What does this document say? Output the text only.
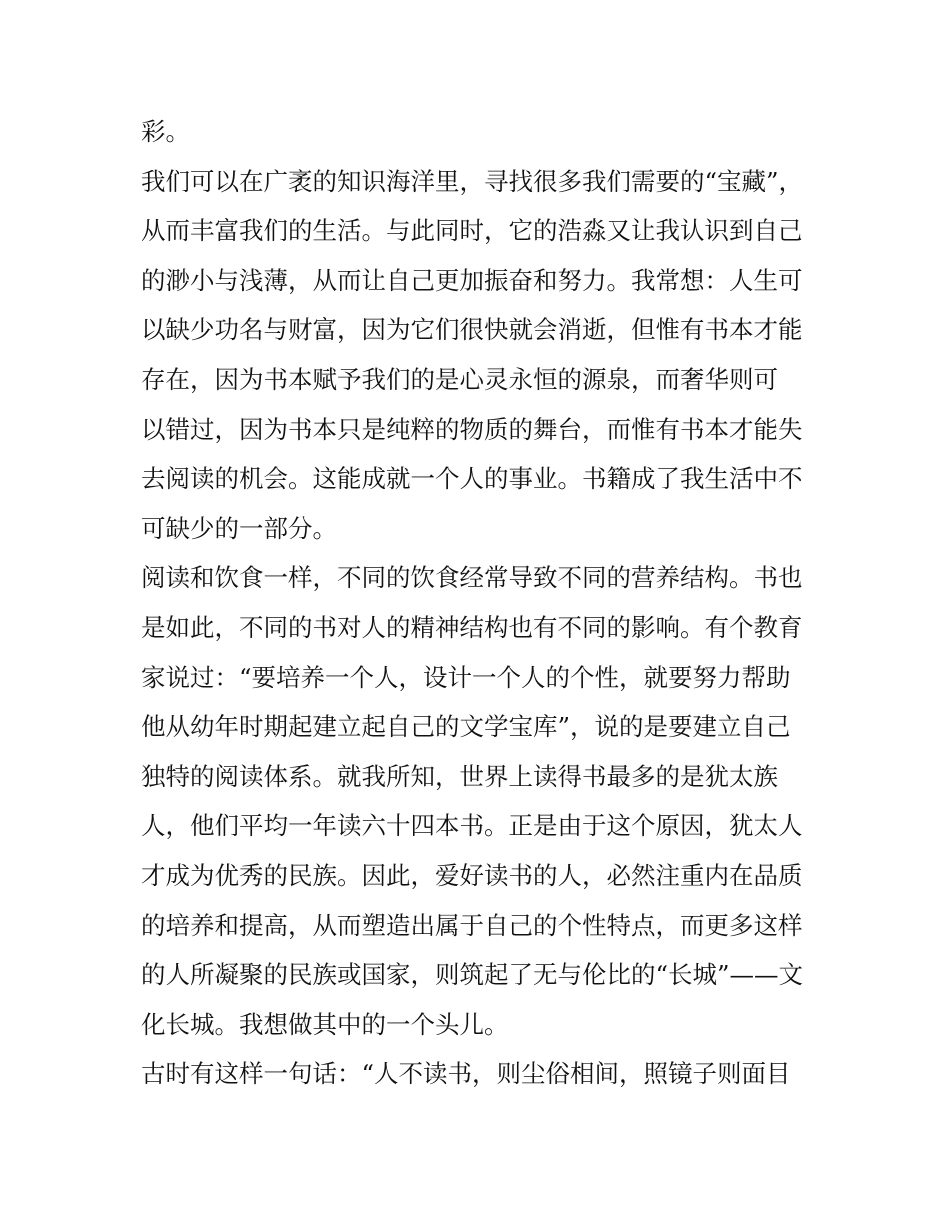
彩。
我们可以在广袤的知识海洋里，寻找很多我们需要的“宝藏”，
从而丰富我们的生活。与此同时，它的浩淼又让我认识到自己
的渺小与浅薄，从而让自己更加振奋和努力。我常想：人生可
以缺少功名与财富，因为它们很快就会消逝，但惟有书本才能
存在，因为书本赋予我们的是心灵永恒的源泉，而奢华则可
以错过，因为书本只是纯粹的物质的舞台，而惟有书本才能失
去阅读的机会。这能成就一个人的事业。书籍成了我生活中不
可缺少的一部分。
阅读和饮食一样，不同的饮食经常导致不同的营养结构。书也
是如此，不同的书对人的精神结构也有不同的影响。有个教育
家说过：“要培养一个人，设计一个人的个性，就要努力帮助
他从幼年时期起建立起自己的文学宝库”，说的是要建立自己
独特的阅读体系。就我所知，世界上读得书最多的是犹太族
人，他们平均一年读六十四本书。正是由于这个原因，犹太人
才成为优秀的民族。因此，爱好读书的人，必然注重内在品质
的培养和提高，从而塑造出属于自己的个性特点，而更多这样
的人所凝聚的民族或国家，则筑起了无与伦比的“长城”——文
化长城。我想做其中的一个头儿。
古时有这样一句话：“人不读书，则尘俗相间，照镜子则面目
